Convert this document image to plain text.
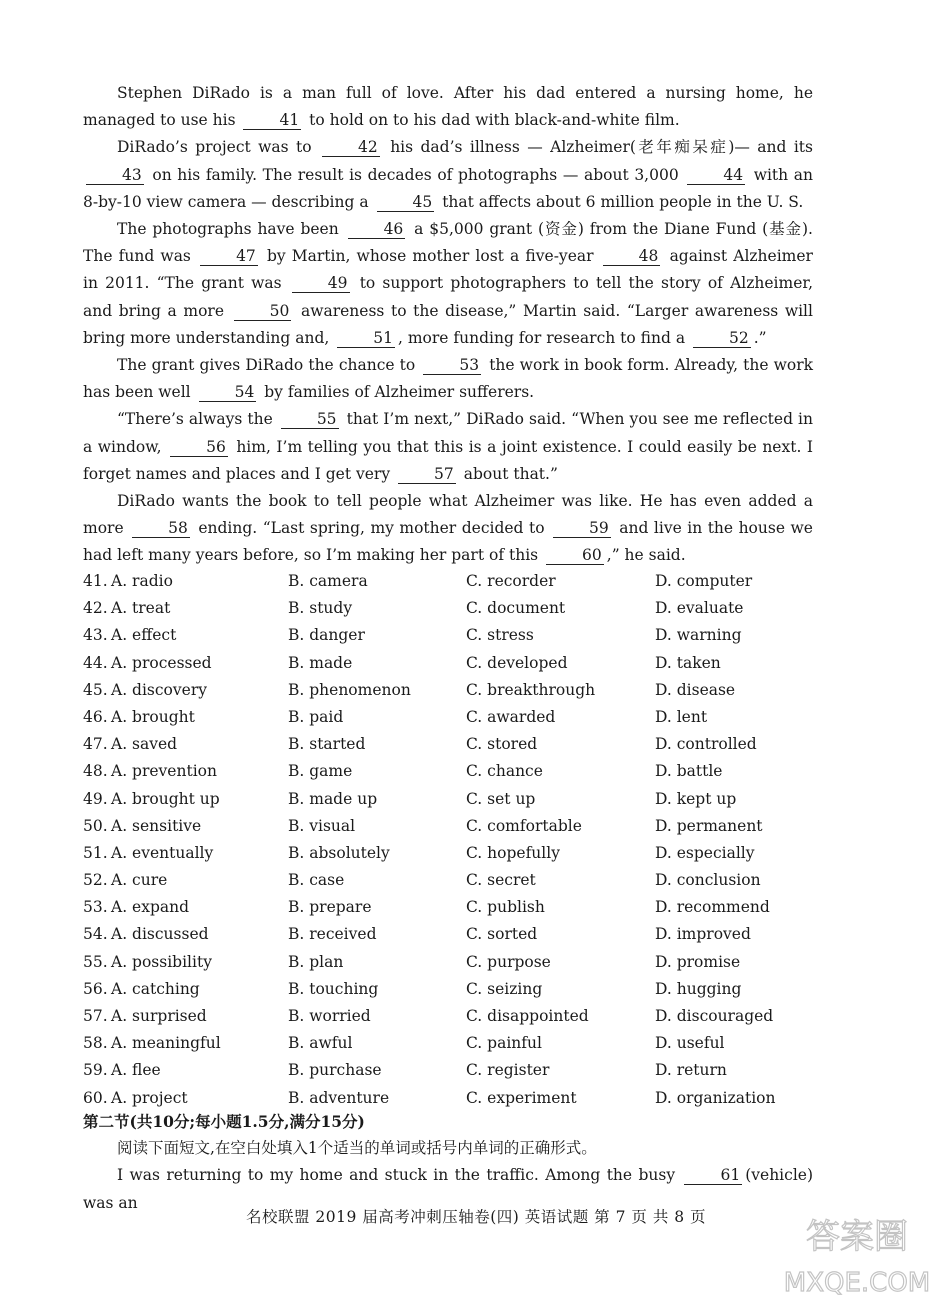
Stephen DiRado is a man full of love. After his dad entered a nursing home, he managed to use his	41 to hold on to his dad with black-and-white film.

DiRado’s project was to	42 his dad’s illness — Alzheimer(老年痴呆症)— and its 43 on his family. The result is decades of photographs — about 3,000	44 with an 8-by-10 view camera — describing a	45 that affects about 6 million people in the U. S.

The photographs have been	46 a $5,000 grant (资金) from the Diane Fund (基金). The fund was	47 by Martin, whose mother lost a five-year	48 against Alzheimer in 2011. “The grant was	49 to support photographers to tell the story of Alzheimer, and bring a more	50 awareness to the disease,” Martin said. “Larger awareness will bring more understanding and,	51 , more funding for research to find a	52 .”

The grant gives DiRado the chance to	53 the work in book form. Already, the work has been well	54 by families of Alzheimer sufferers.

“There’s always the	55 that I’m next,” DiRado said. “When you see me reflected in a window,	56 him, I’m telling you that this is a joint existence. I could easily be next. I forget names and places and I get very	57 about that.”

DiRado wants the book to tell people what Alzheimer was like. He has even added a more	58 ending. “Last spring, my mother decided to	59 and live in the house we had left many years before, so I’m making her part of this	60 ,” he said.

41. A. radio	B. camera	C. recorder	D. computer
42. A. treat	B. study	C. document	D. evaluate
43. A. effect	B. danger	C. stress	D. warning
44. A. processed	B. made	C. developed	D. taken
45. A. discovery	B. phenomenon	C. breakthrough	D. disease
46. A. brought	B. paid	C. awarded	D. lent
47. A. saved	B. started	C. stored	D. controlled
48. A. prevention	B. game	C. chance	D. battle
49. A. brought up	B. made up	C. set up	D. kept up
50. A. sensitive	B. visual	C. comfortable	D. permanent
51. A. eventually	B. absolutely	C. hopefully	D. especially
52. A. cure	B. case	C. secret	D. conclusion
53. A. expand	B. prepare	C. publish	D. recommend
54. A. discussed	B. received	C. sorted	D. improved
55. A. possibility	B. plan	C. purpose	D. promise
56. A. catching	B. touching	C. seizing	D. hugging
57. A. surprised	B. worried	C. disappointed	D. discouraged
58. A. meaningful	B. awful	C. painful	D. useful
59. A. flee	B. purchase	C. register	D. return
60. A. project	B. adventure	C. experiment	D. organization

第二节(共10分;每小题1.5分,满分15分)

阅读下面短文,在空白处填入1个适当的单词或括号内单词的正确形式。

I was returning to my home and stuck in the traffic. Among the busy	61 (vehicle) was an

名校联盟 2019 届高考冲刺压轴卷(四) 英语试题 第 7 页 共 8 页	答案圈
MXQE.COM
